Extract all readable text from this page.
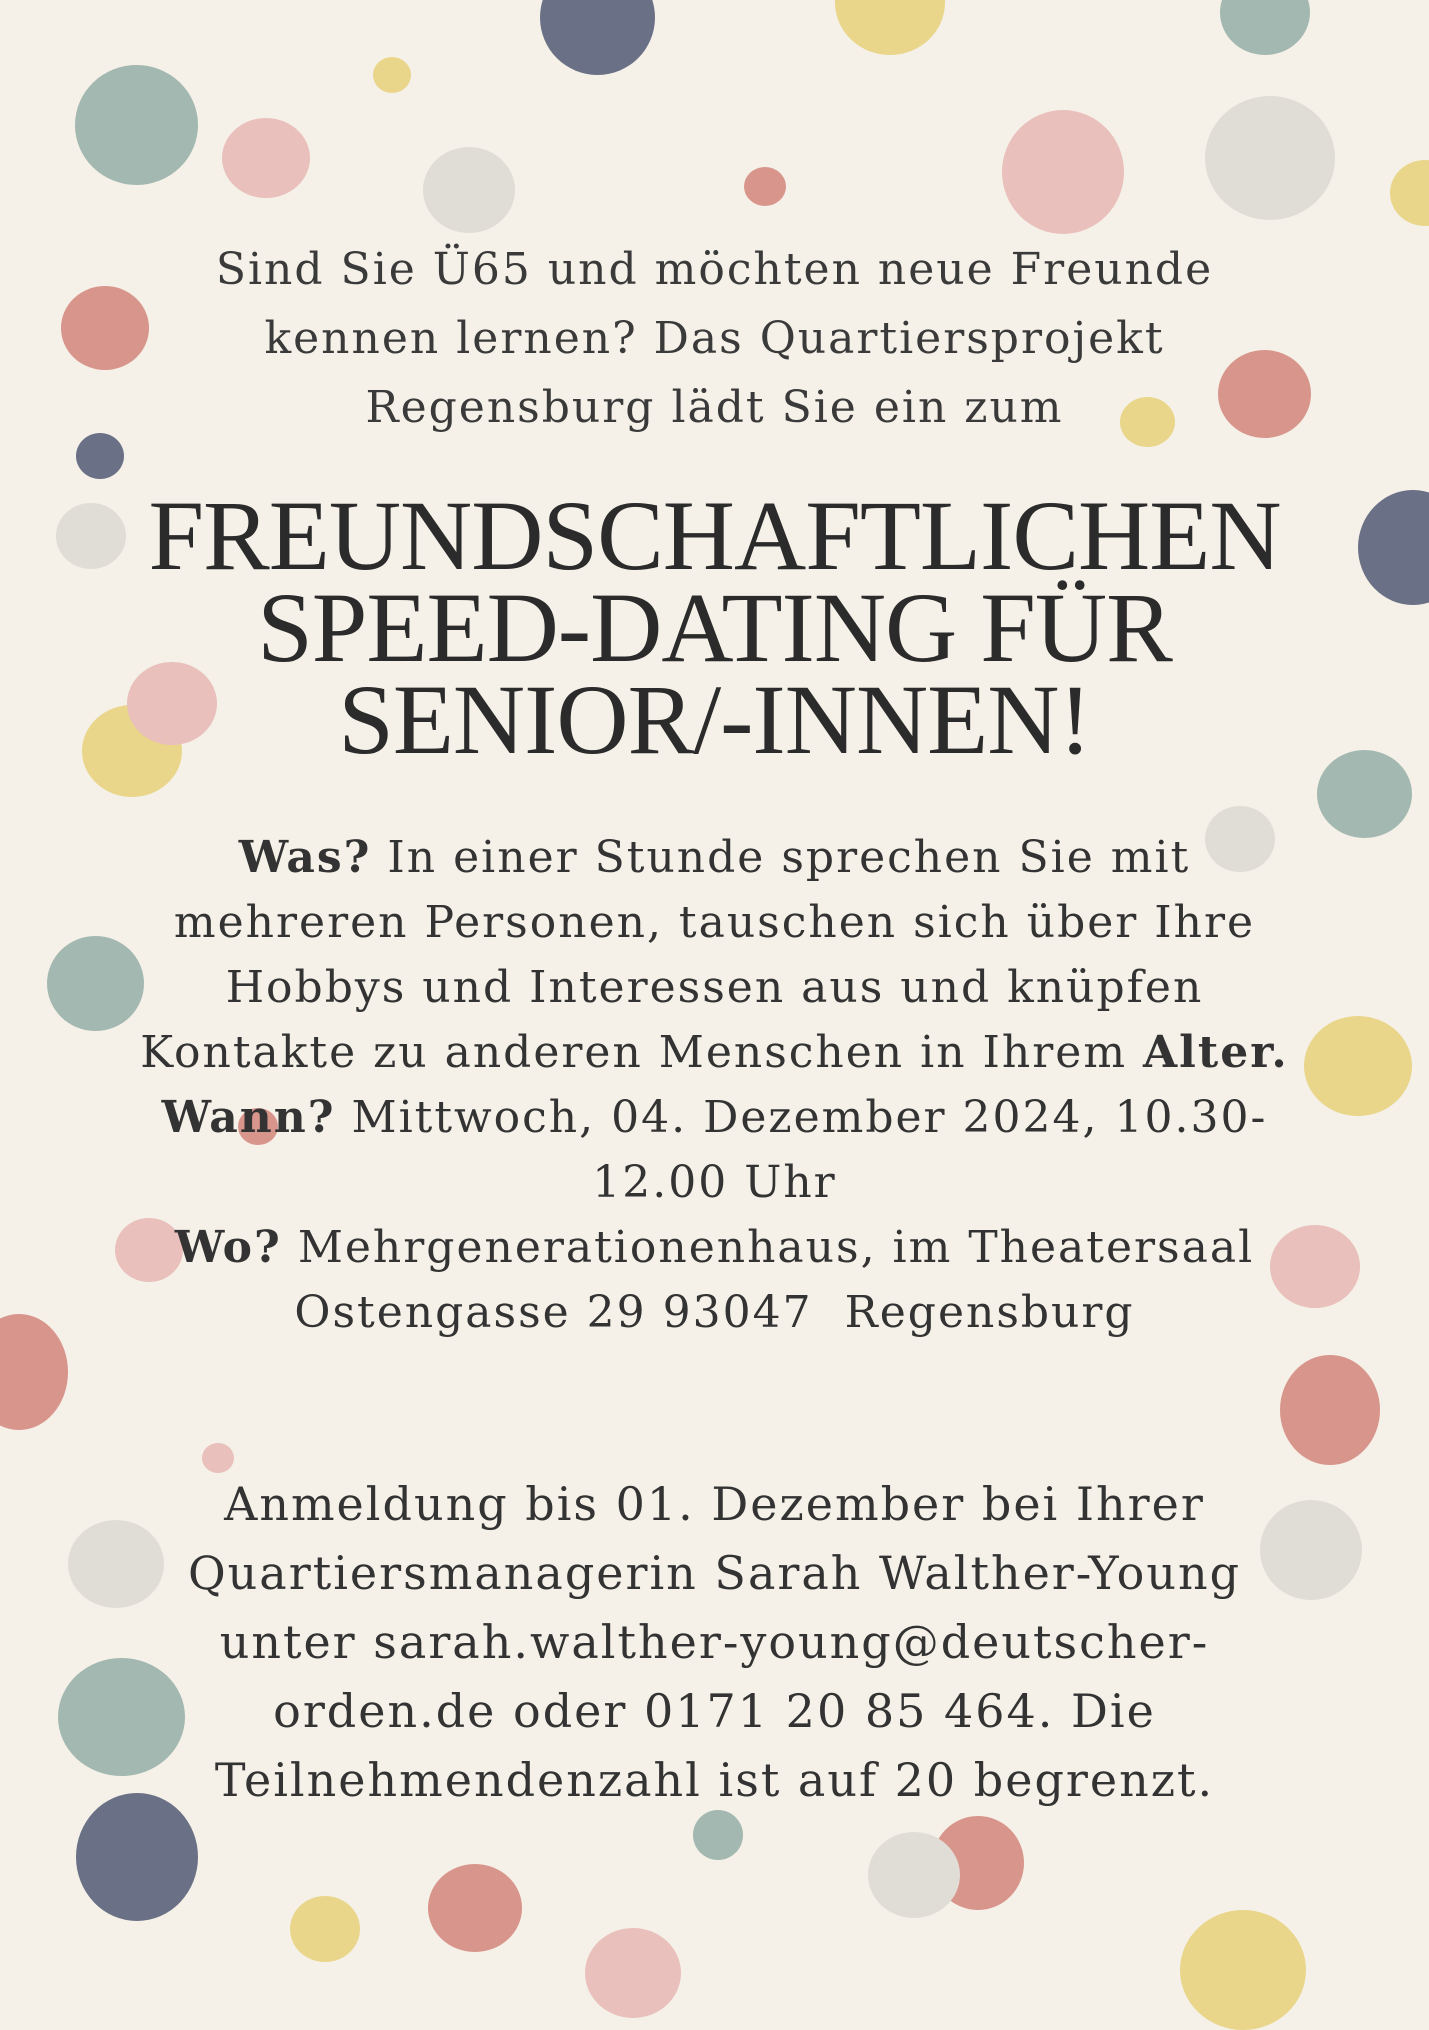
Sind Sie Ü65 und möchten neue Freunde kennen lernen? Das Quartiersprojekt Regensburg lädt Sie ein zum
FREUNDSCHAFTLICHEN
SPEED-DATING FÜR
SENIOR/-INNEN!

Was? In einer Stunde sprechen Sie mit mehreren Personen, tauschen sich über Ihre Hobbys und Interessen aus und knüpfen Kontakte zu anderen Menschen in Ihrem Alter.

Wann? Mittwoch, 04. Dezember 2024, 10.30-12.00 Uhr

Wo? Mehrgenerationenhaus, im Theatersaal
Ostengasse 29 93047  Regensburg

Anmeldung bis 01. Dezember bei Ihrer Quartiersmanagerin Sarah Walther-Young unter sarah.walther-young@deutscher-orden.de oder 0171 20 85 464. Die Teilnehmendenzahl ist auf 20 begrenzt.
